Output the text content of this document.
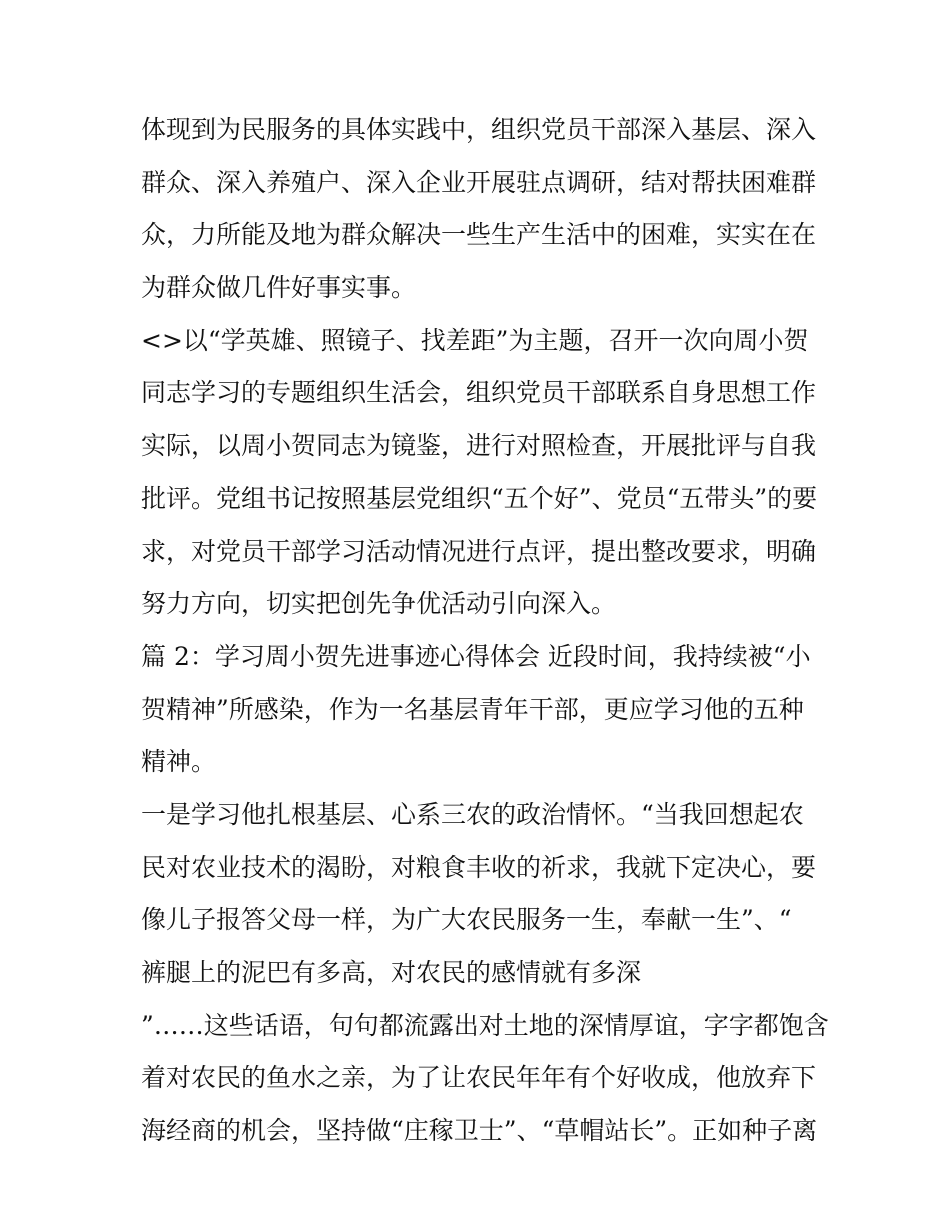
体现到为民服务的具体实践中，组织党员干部深入基层、深入
群众、深入养殖户、深入企业开展驻点调研，结对帮扶困难群
众，力所能及地为群众解决一些生产生活中的困难，实实在在
为群众做几件好事实事。
<>以“学英雄、照镜子、找差距”为主题，召开一次向周小贺
同志学习的专题组织生活会，组织党员干部联系自身思想工作
实际，以周小贺同志为镜鉴，进行对照检查，开展批评与自我
批评。党组书记按照基层党组织“五个好”、党员“五带头”的要
求，对党员干部学习活动情况进行点评，提出整改要求，明确
努力方向，切实把创先争优活动引向深入。
篇 2：学习周小贺先进事迹心得体会 近段时间，我持续被“小
贺精神”所感染，作为一名基层青年干部，更应学习他的五种
精神。
一是学习他扎根基层、心系三农的政治情怀。“当我回想起农
民对农业技术的渴盼，对粮食丰收的祈求，我就下定决心，要
像儿子报答父母一样，为广大农民服务一生，奉献一生”、“
裤腿上的泥巴有多高，对农民的感情就有多深
”……这些话语，句句都流露出对土地的深情厚谊，字字都饱含
着对农民的鱼水之亲，为了让农民年年有个好收成，他放弃下
海经商的机会，坚持做“庄稼卫士”、“草帽站长”。正如种子离
